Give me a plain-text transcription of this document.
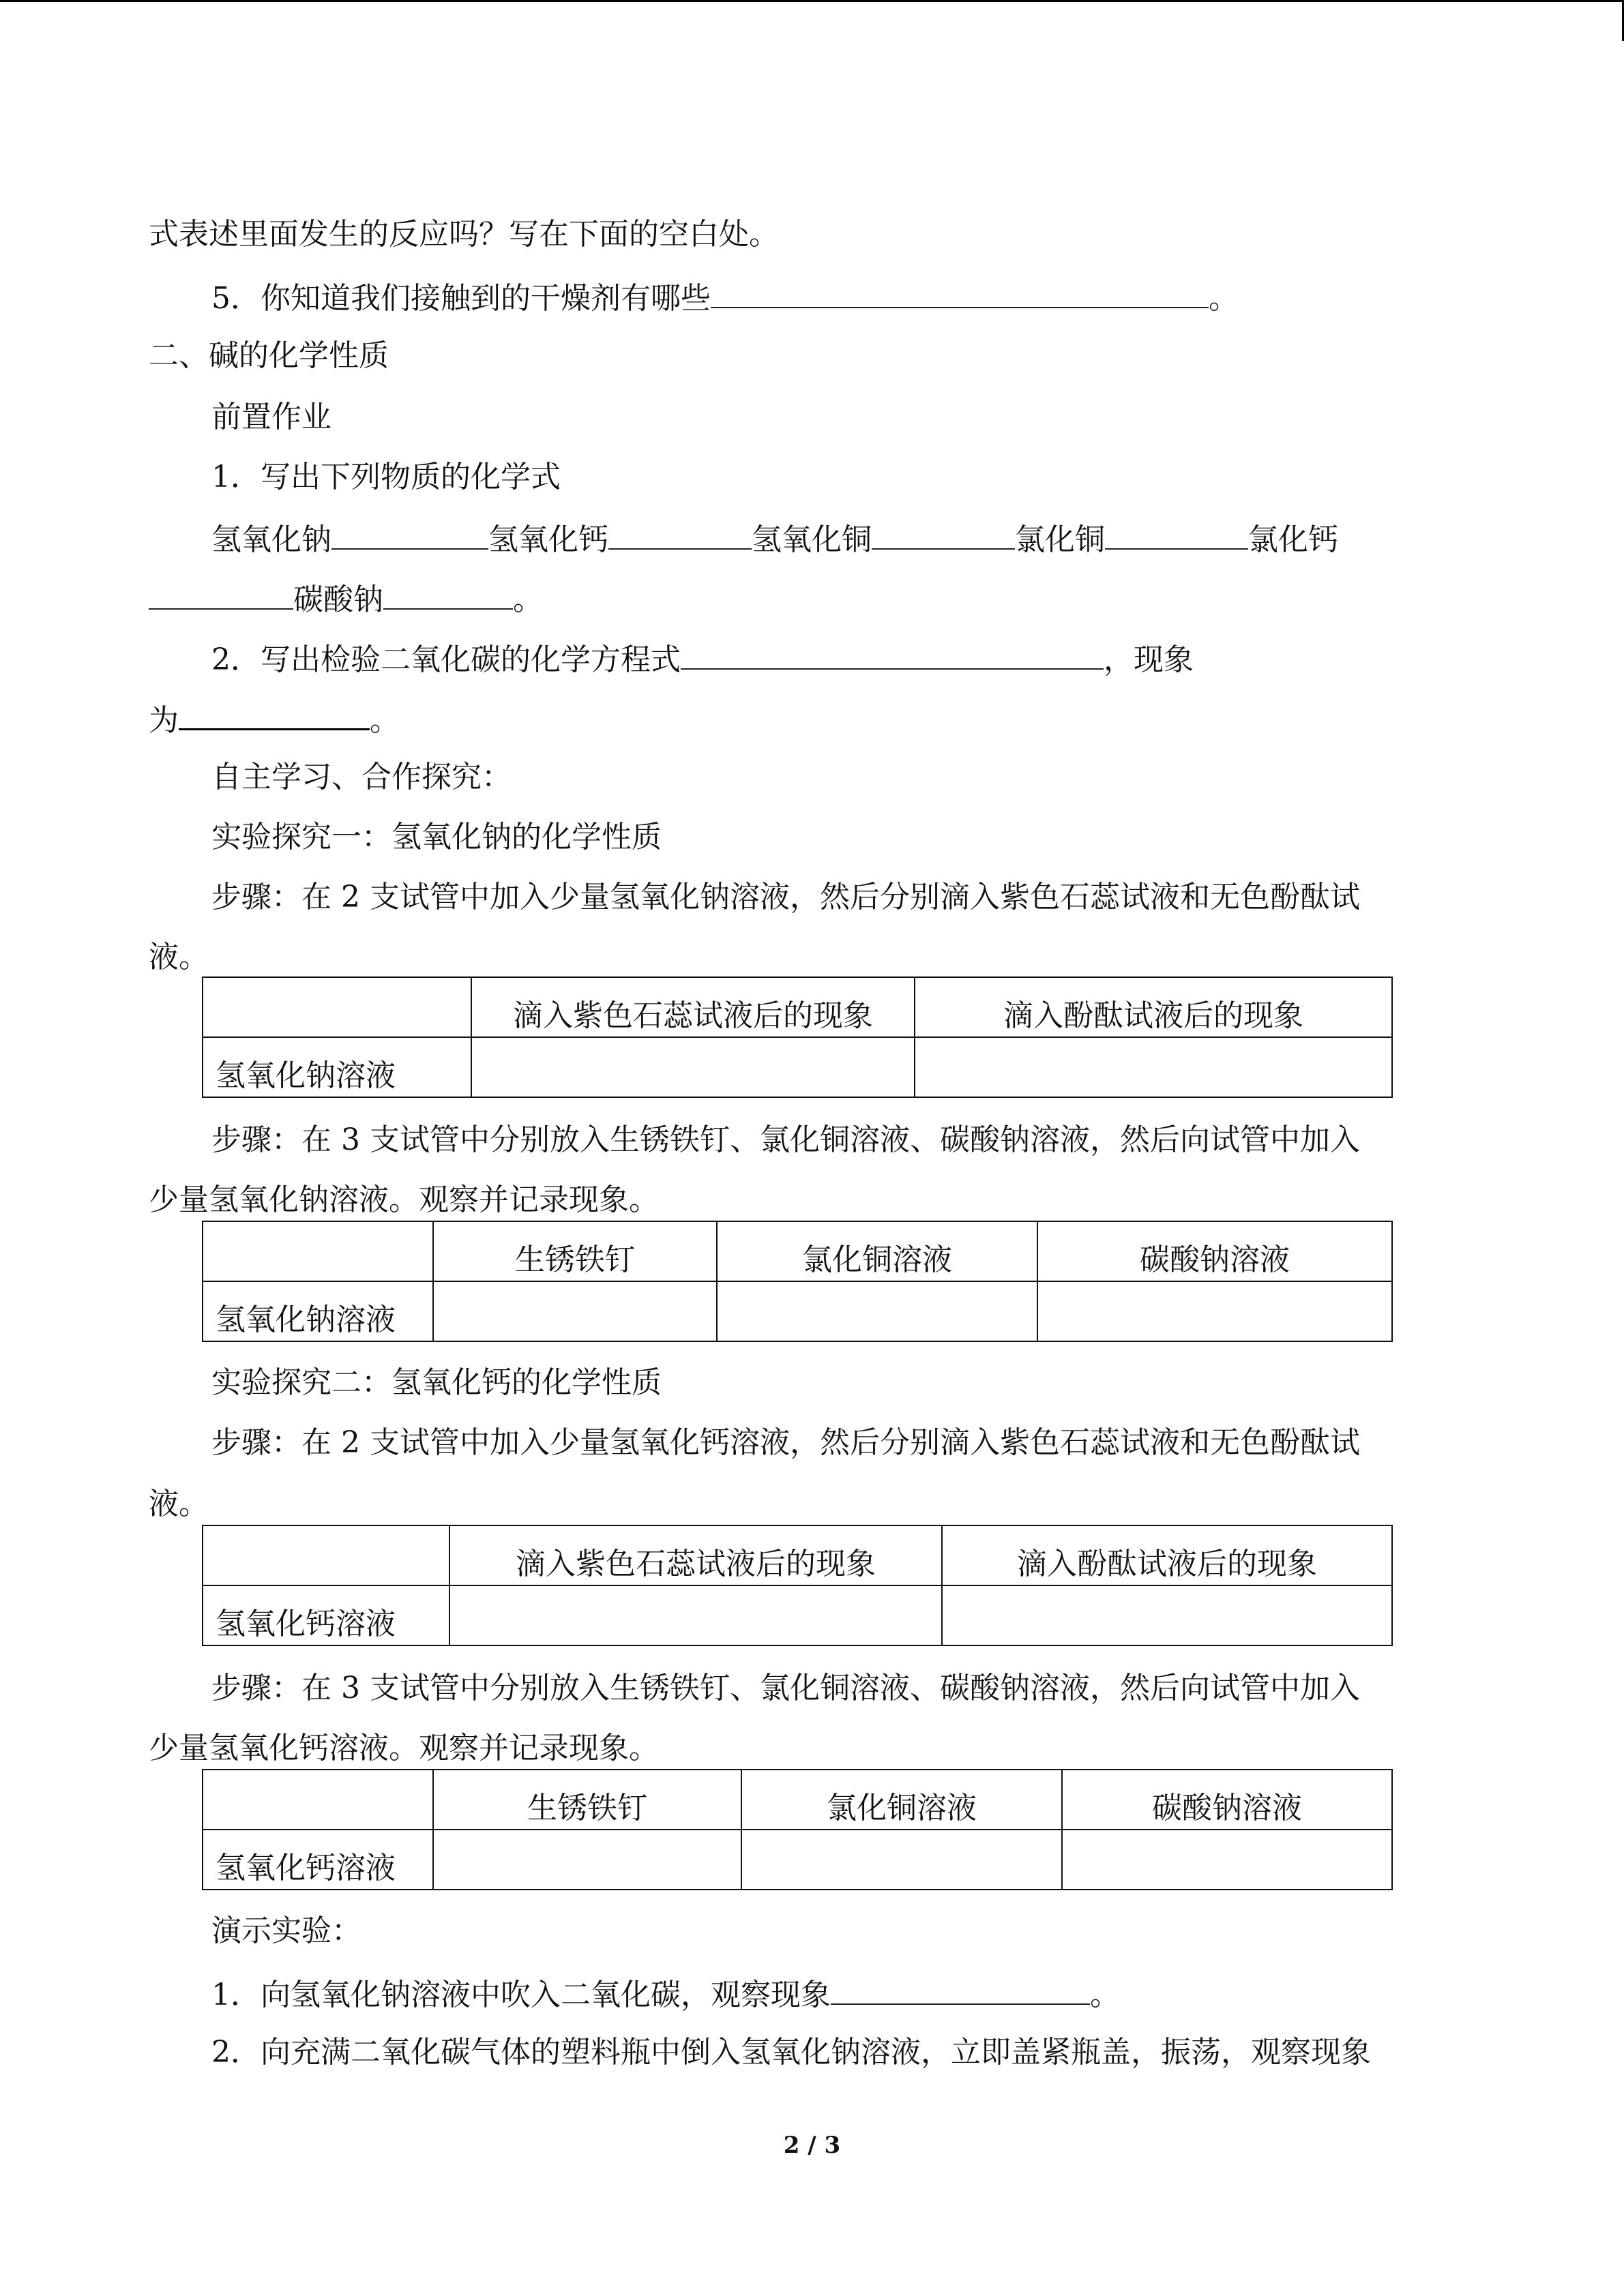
式表述里面发生的反应吗？写在下面的空白处。
5．你知道我们接触到的干燥剂有哪些	。
二、碱的化学性质
前置作业
1．写出下列物质的化学式
氢氧化钠	氢氧化钙	氢氧化铜	氯化铜	氯化钙
碳酸钠	。
2．写出检验二氧化碳的化学方程式	，现象
为	。
自主学习、合作探究：
实验探究一：氢氧化钠的化学性质
步骤：在 2 支试管中加入少量氢氧化钠溶液，然后分别滴入紫色石蕊试液和无色酚酞试
液。
	滴入紫色石蕊试液后的现象	滴入酚酞试液后的现象
氢氧化钠溶液		
步骤：在 3 支试管中分别放入生锈铁钉、氯化铜溶液、碳酸钠溶液，然后向试管中加入
少量氢氧化钠溶液。观察并记录现象。
	生锈铁钉	氯化铜溶液	碳酸钠溶液
氢氧化钠溶液			
实验探究二：氢氧化钙的化学性质
步骤：在 2 支试管中加入少量氢氧化钙溶液，然后分别滴入紫色石蕊试液和无色酚酞试
液。
	滴入紫色石蕊试液后的现象	滴入酚酞试液后的现象
氢氧化钙溶液		
步骤：在 3 支试管中分别放入生锈铁钉、氯化铜溶液、碳酸钠溶液，然后向试管中加入
少量氢氧化钙溶液。观察并记录现象。
	生锈铁钉	氯化铜溶液	碳酸钠溶液
氢氧化钙溶液			
演示实验：
1．向氢氧化钠溶液中吹入二氧化碳，观察现象	。
2．向充满二氧化碳气体的塑料瓶中倒入氢氧化钠溶液，立即盖紧瓶盖，振荡，观察现象
2 / 3
